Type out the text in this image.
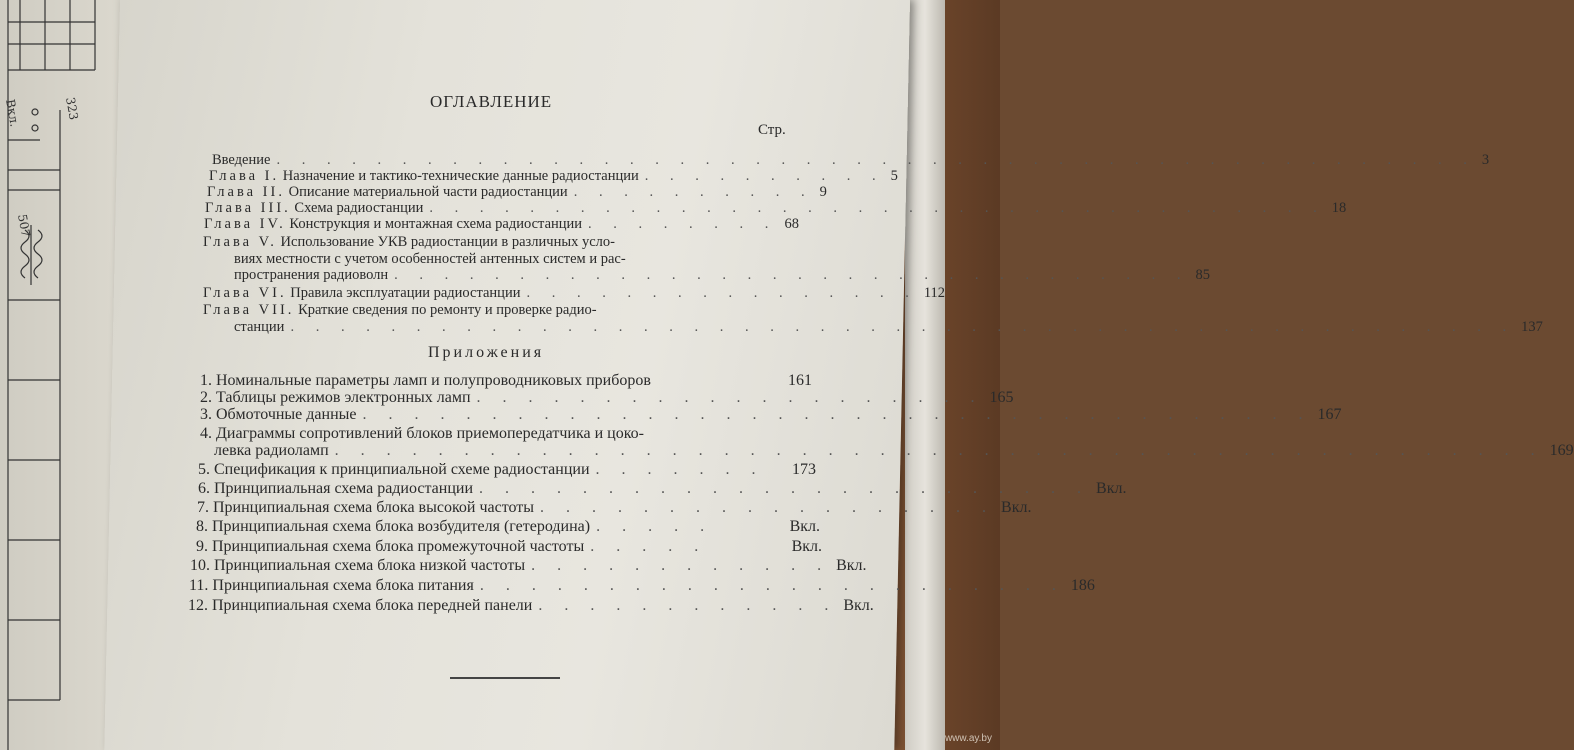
Вкл.
507
323	ОГЛАВЛЕНИЕ
Стр.
Введение . . . . . . . . . . . . . . . . . . . . . . . . . . . . . . . . . . . . . . . . . . . . . . . . 3
Глава I. Назначение и тактико-технические данные радиостанции . . . . . . . . . . 5
Глава II. Описание материальной части радиостанции . . . . . . . . . . 9
Глава III. Схема радиостанции . . . . . . . . . . . . . . . . . . . . . . . . . . . . . . . . . . . . 18
Глава IV. Конструкция и монтажная схема радиостанции . . . . . . . . 68
Глава V. Использование УКВ радиостанции в различных усло-
виях местности с учетом особенностей антенных систем и рас-
пространения радиоволн . . . . . . . . . . . . . . . . . . . . . . . . . . . . . . . . 85
Глава VI. Правила эксплуатации радиостанции . . . . . . . . . . . . . . . . 112
Глава VII. Краткие сведения по ремонту и проверке радио-
станции . . . . . . . . . . . . . . . . . . . . . . . . . . . . . . . . . . . . . . . . . . . . . . . . . 137
Приложения
1. Номинальные параметры ламп и полупроводниковых приборов	161
2. Таблицы режимов электронных ламп . . . . . . . . . . . . . . . . . . . . 165
3. Обмоточные данные . . . . . . . . . . . . . . . . . . . . . . . . . . . . . . . . . . . . . 167
4. Диаграммы сопротивлений блоков приемопередатчика и цоко-
левка радиоламп . . . . . . . . . . . . . . . . . . . . . . . . . . . . . . . . . . . . . . . . . . . . . . . 169
5. Спецификация к принципиальной схеме радиостанции . . . . . . .	173
6. Принципиальная схема радиостанции . . . . . . . . . . . . . . . . . . . . . . . . Вкл.
7. Принципиальная схема блока высокой частоты . . . . . . . . . . . . . . . . . . Вкл.
8. Принципиальная схема блока возбудителя (гетеродина) . . . . .	Вкл.
9. Принципиальная схема блока промежуточной частоты . . . . .	Вкл.
10. Принципиальная схема блока низкой частоты . . . . . . . . . . . . Вкл.
11. Принципиальная схема блока питания . . . . . . . . . . . . . . . . . . . . . . . 186
12. Принципиальная схема блока передней панели . . . . . . . . . . . . Вкл.
www.ay.by
